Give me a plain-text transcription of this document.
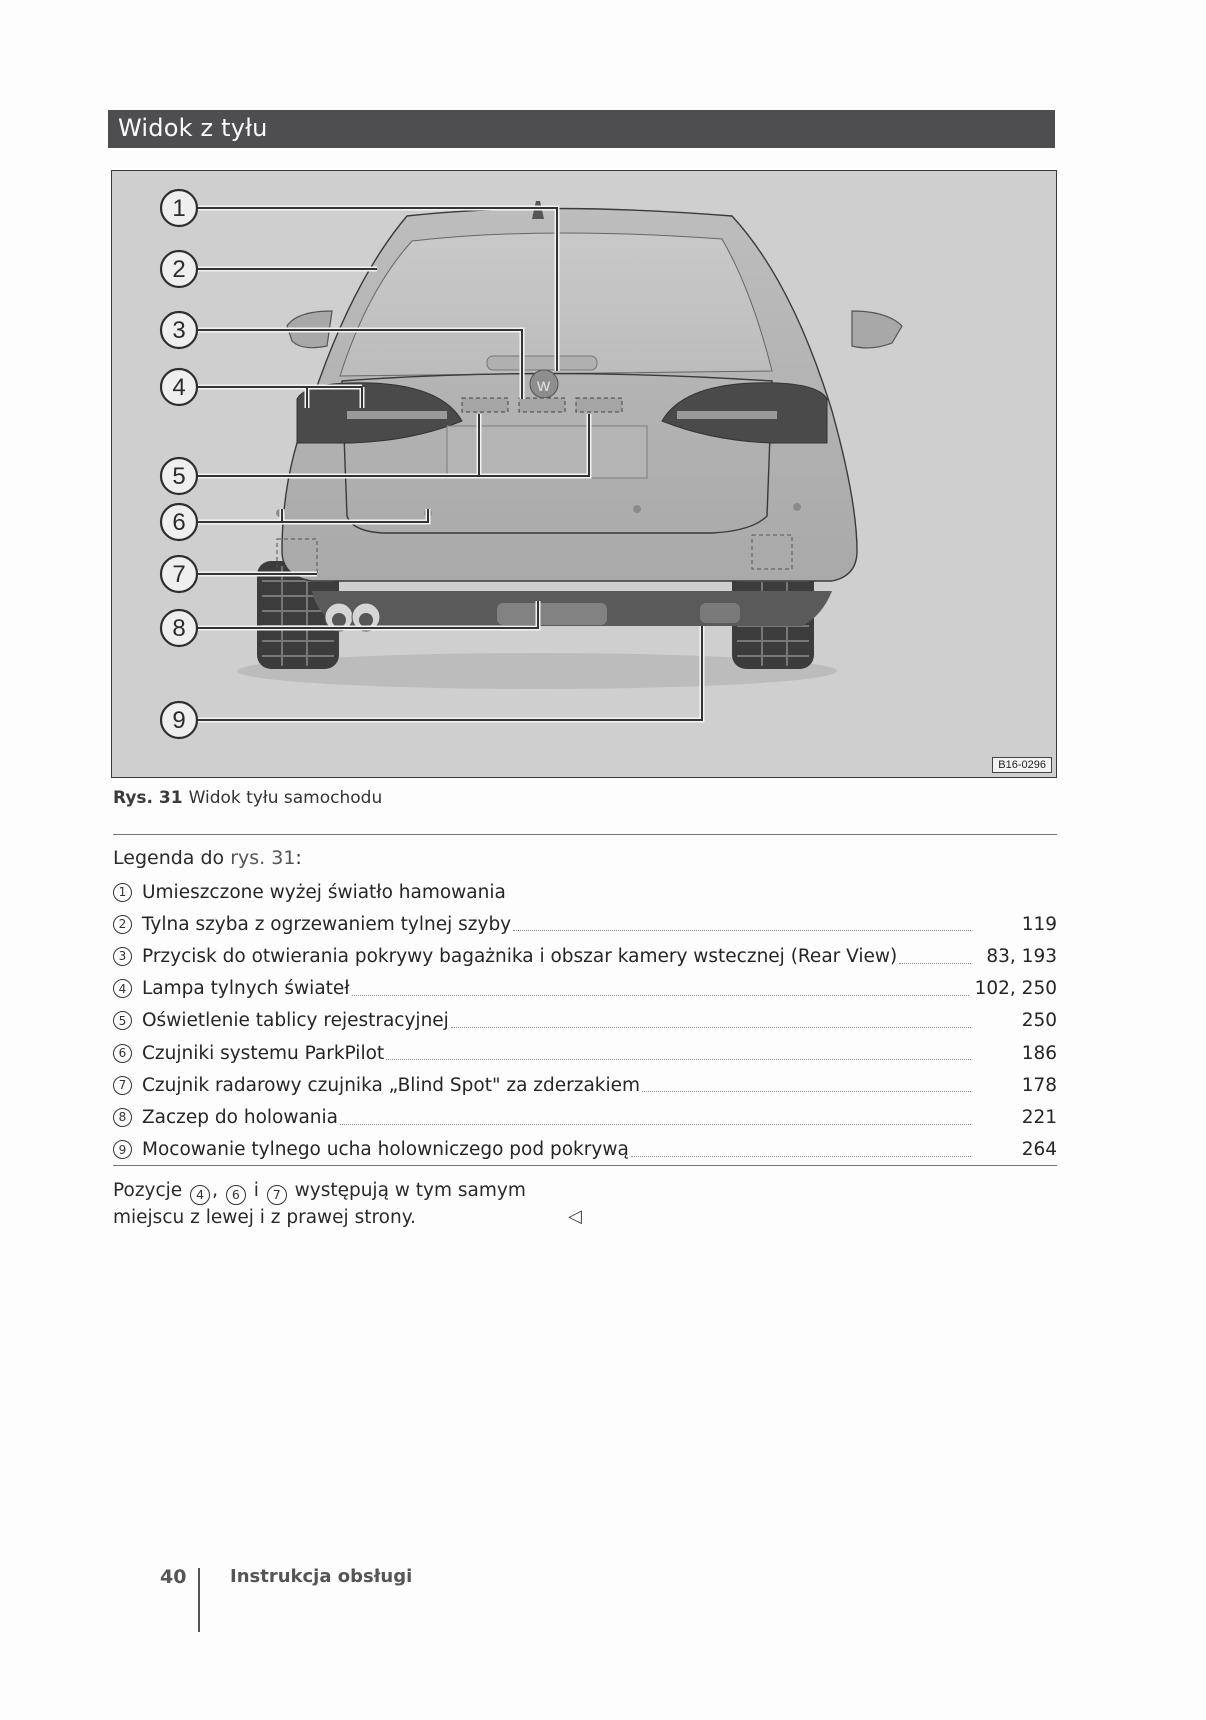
Widok z tyłu
W
1
2
3
4
5
6
7
8
9
B16-0296
Rys. 31 Widok tyłu samochodu
Legenda do rys. 31:
1 Umieszczone wyżej światło hamowania
2 Tylna szyba z ogrzewaniem tylnej szyby	119
3 Przycisk do otwierania pokrywy bagażnika i obszar kamery wstecznej (Rear View)	83, 193
4 Lampa tylnych świateł	102, 250
5 Oświetlenie tablicy rejestracyjnej	250
6 Czujniki systemu ParkPilot	186
7 Czujnik radarowy czujnika „Blind Spot" za zderzakiem	178
8 Zaczep do holowania	221
9 Mocowanie tylnego ucha holowniczego pod pokrywą	264
Pozycje 4 , 6 i 7 występują w tym samym
miejscu z lewej i z prawej strony.	◁
40 Instrukcja obsługi
